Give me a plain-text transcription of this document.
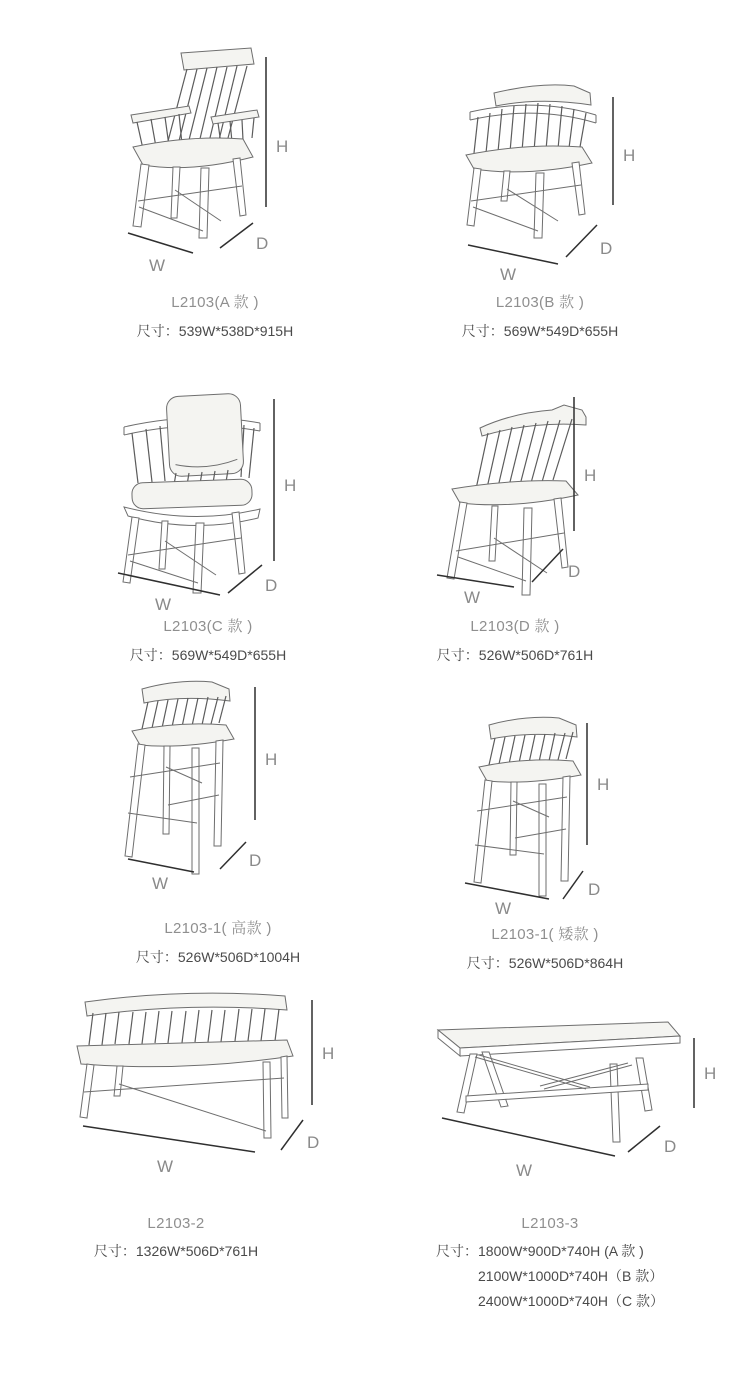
H
W
D
L2103(A 款 )
尺寸：539W*538D*915H
H
W
D
L2103(B 款 )
尺寸：569W*549D*655H
H
W
D
L2103(C 款 )
尺寸：569W*549D*655H
H
W
D
L2103(D 款 )
尺寸：526W*506D*761H
H
W
D
L2103-1( 高款 )
尺寸：526W*506D*1004H
H
W
D
L2103-1( 矮款 )
尺寸：526W*506D*864H
H
W
D
L2103-2
尺寸：1326W*506D*761H
H
W
D
L2103-3
尺寸：1800W*900D*740H (A 款 )
2100W*1000D*740H（B 款）
2400W*1000D*740H（C 款）
